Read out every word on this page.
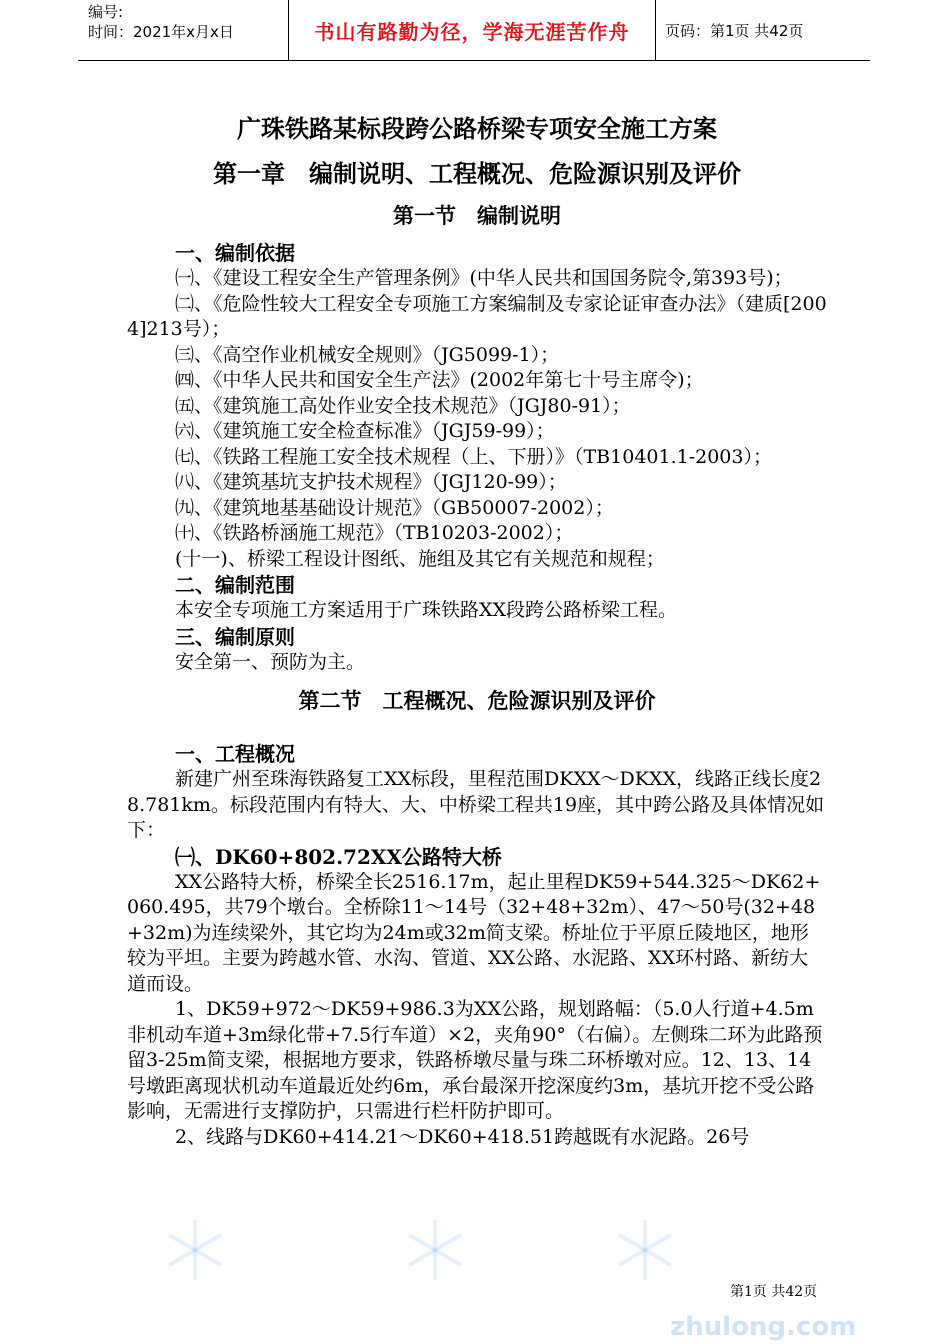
编号:
时间：2021年x月x日	书山有路勤为径，学海无涯苦作舟	页码：第1页 共42页
广珠铁路某标段跨公路桥梁专项安全施工方案
第一章　编制说明、工程概况、危险源识别及评价
第一节　编制说明
一、编制依据

㈠、《建设工程安全生产管理条例》(中华人民共和国国务院令,第393号)；

㈡、《危险性较大工程安全专项施工方案编制及专家论证审查办法》（建质[2004]213号）；

㈢、《高空作业机械安全规则》（JG5099-1）；

㈣、《中华人民共和国安全生产法》(2002年第七十号主席令)；

㈤、《建筑施工高处作业安全技术规范》（JGJ80-91）；

㈥、《建筑施工安全检查标准》（JGJ59-99）；

㈦、《铁路工程施工安全技术规程（上、下册）》（TB10401.1-2003）；

㈧、《建筑基坑支护技术规程》（JGJ120-99）；

㈨、《建筑地基基础设计规范》（GB50007-2002）；

㈩、《铁路桥涵施工规范》（TB10203-2002）；

(十一)、桥梁工程设计图纸、施组及其它有关规范和规程；

二、编制范围

本安全专项施工方案适用于广珠铁路XX段跨公路桥梁工程。

三、编制原则

安全第一、预防为主。

第二节　工程概况、危险源识别及评价
一、工程概况

新建广州至珠海铁路复工XX标段，里程范围DKXX～DKXX，线路正线长度28.781km。标段范围内有特大、大、中桥梁工程共19座，其中跨公路及具体情况如下：

㈠、DK60+802.72XX公路特大桥

XX公路特大桥，桥梁全长2516.17m，起止里程DK59+544.325～DK62+060.495，共79个墩台。全桥除11～14号（32+48+32m）、47～50号(32+48+32m)为连续梁外，其它均为24m或32m简支梁。桥址位于平原丘陵地区，地形较为平坦。主要为跨越水管、水沟、管道、XX公路、水泥路、XX环村路、新纺大道而设。

1、DK59+972～DK59+986.3为XX公路，规划路幅：（5.0人行道+4.5m非机动车道+3m绿化带+7.5行车道）×2，夹角90°（右偏）。左侧珠二环为此路预留3-25m简支梁，根据地方要求，铁路桥墩尽量与珠二环桥墩对应。12、13、14号墩距离现状机动车道最近处约6m，承台最深开挖深度约3m，基坑开挖不受公路影响，无需进行支撑防护，只需进行栏杆防护即可。

2、线路与DK60+414.21～DK60+418.51跨越既有水泥路。26号

第1页 共42页
zhulong.com
